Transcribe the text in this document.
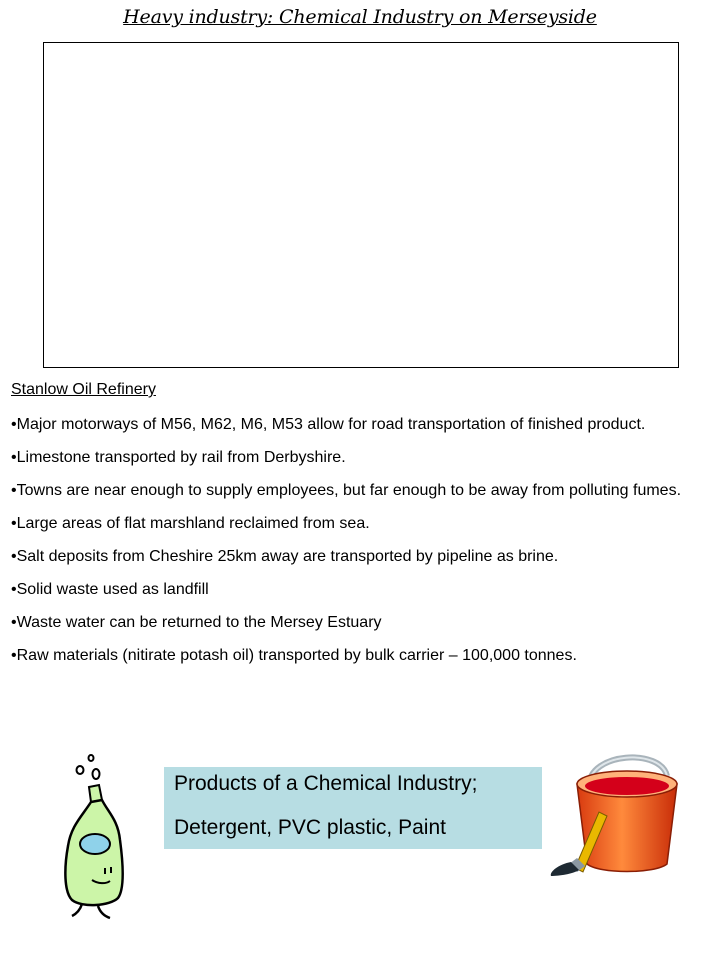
Heavy industry: Chemical Industry on Merseyside
Stanlow Oil Refinery
• Major motorways of M56, M62, M6, M53 allow for road transportation of finished product.
• Limestone transported by rail from Derbyshire.
• Towns are near enough to supply employees, but far enough to be away from polluting fumes.
• Large areas of flat marshland reclaimed from sea.
• Salt deposits from Cheshire 25km away are transported by pipeline as brine.
• Solid waste used as landfill
• Waste water can be returned to the Mersey Estuary
• Raw materials (nitirate potash oil) transported by bulk carrier – 100,000 tonnes.

Products of a Chemical Industry;

Detergent, PVC plastic, Paint
